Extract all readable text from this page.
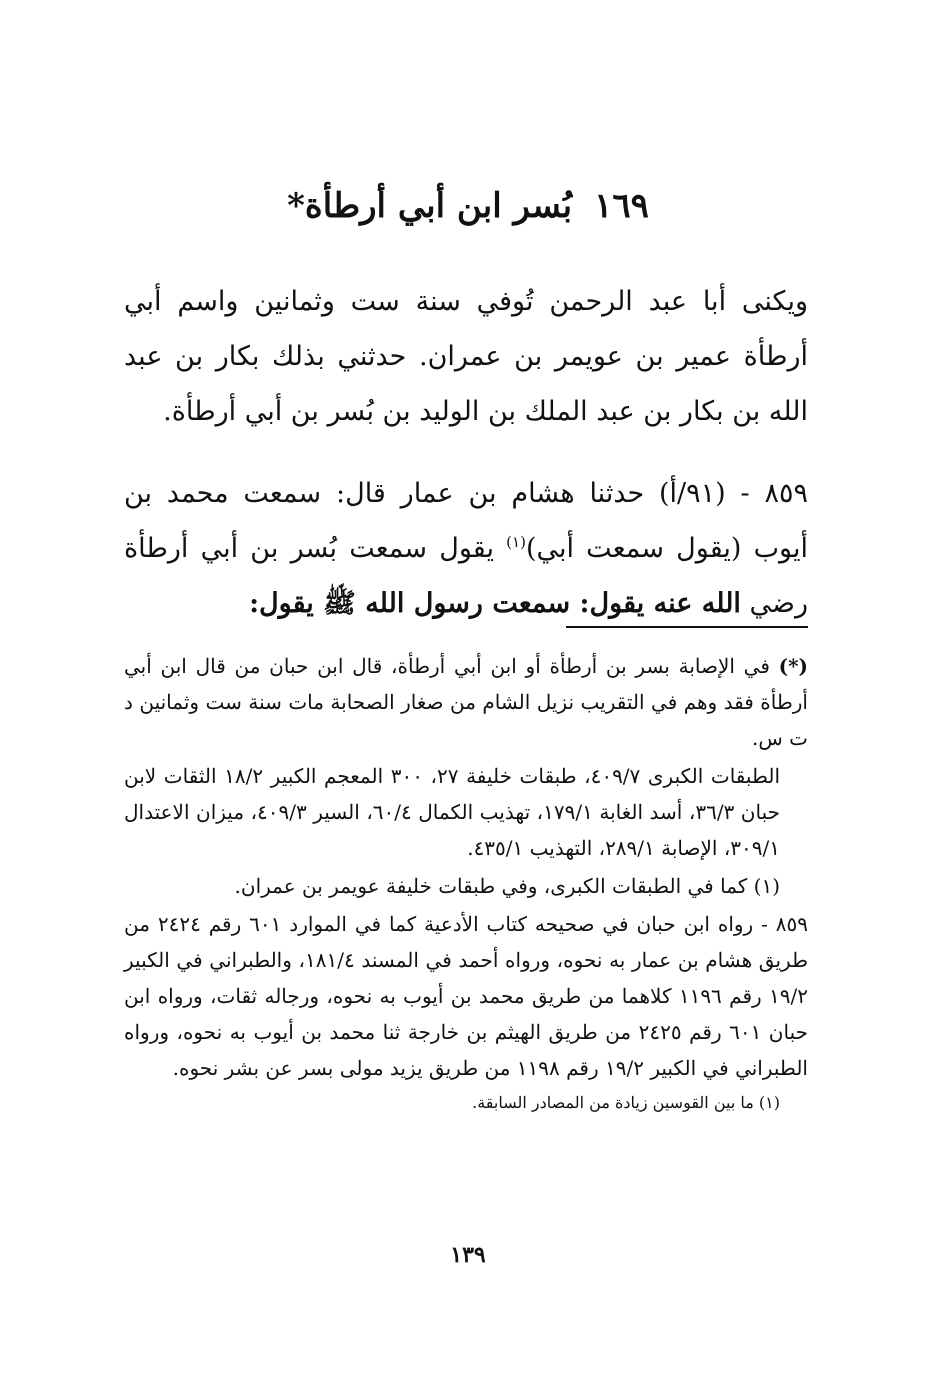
١٦٩بُسر ابن أبي أرطأة*
ويكنى أبا عبد الرحمن تُوفي سنة ست وثمانين واسم أبي أرطأة عمير بن عويمر بن عمران. حدثني بذلك بكار بن عبد الله بن بكار بن عبد الملك بن الوليد بن بُسر بن أبي أرطأة.
٨٥٩ - (٩١/أ) حدثنا هشام بن عمار قال: سمعت محمد بن أيوب (يقول سمعت أبي)$^{(١)}$ يقول سمعت بُسر بن أبي أرطأة رضي الله عنه يقول: سمعت رسول الله ﷺ يقول:

(*) في الإصابة بسر بن أرطأة أو ابن أبي أرطأة، قال ابن حبان من قال ابن أبي أرطأة فقد وهم في التقريب نزيل الشام من صغار الصحابة مات سنة ست وثمانين د ت س.

الطبقات الكبرى ٤٠٩/٧، طبقات خليفة ٢٧، ٣٠٠ المعجم الكبير ١٨/٢ الثقات لابن حبان ٣٦/٣، أسد الغابة ١٧٩/١، تهذيب الكمال ٦٠/٤، السير ٤٠٩/٣، ميزان الاعتدال ٣٠٩/١، الإصابة ٢٨٩/١، التهذيب ٤٣٥/١.

(١) كما في الطبقات الكبرى، وفي طبقات خليفة عويمر بن عمران.

٨٥٩ - رواه ابن حبان في صحيحه كتاب الأدعية كما في الموارد ٦٠١ رقم ٢٤٢٤ من طريق هشام بن عمار به نحوه، ورواه أحمد في المسند ١٨١/٤، والطبراني في الكبير ١٩/٢ رقم ١١٩٦ كلاهما من طريق محمد بن أيوب به نحوه، ورجاله ثقات، ورواه ابن حبان ٦٠١ رقم ٢٤٢٥ من طريق الهيثم بن خارجة ثنا محمد بن أيوب به نحوه، ورواه الطبراني في الكبير ١٩/٢ رقم ١١٩٨ من طريق يزيد مولى بسر عن بشر نحوه.

(١) ما بين القوسين زيادة من المصادر السابقة.

١٣٩
